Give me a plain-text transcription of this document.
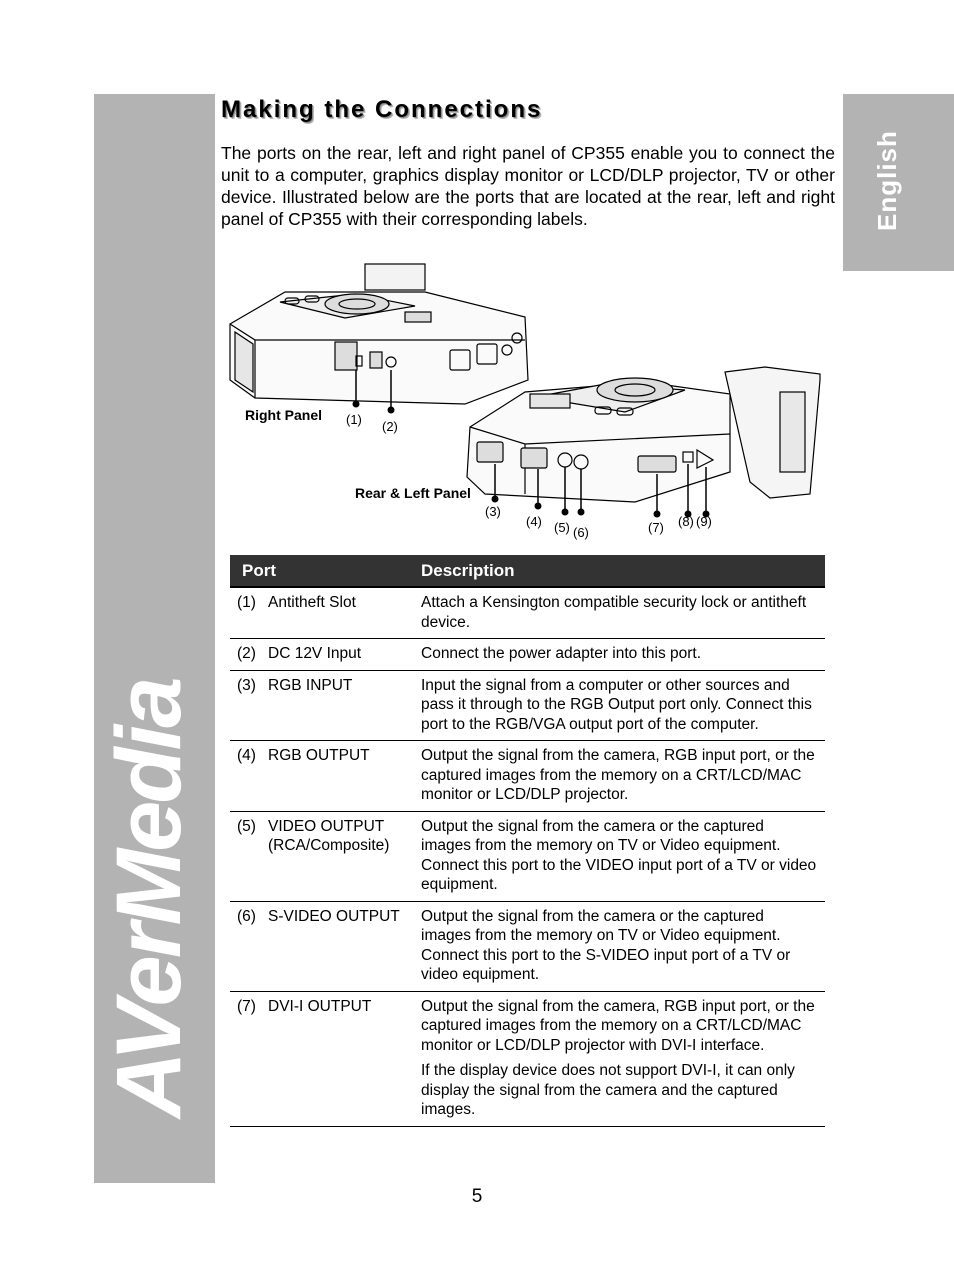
AVerMedia
English
Making the Connections

The ports on the rear, left and right panel of CP355 enable you to connect the unit to a computer, graphics display monitor or LCD/DLP projector, TV or other device. Illustrated below are the ports that are located at the rear, left and right panel of CP355 with their corresponding labels.

Right Panel
Rear & Left Panel
(1) (2)
(3)
(4) (5) (6)	(7) (8) (9)
Port		Description
(1)	Antitheft Slot	Attach a Kensington compatible security lock or antitheft device.

(2)	DC 12V Input	Connect the power adapter into this port.

(3)	RGB INPUT	Input the signal from a computer or other sources and pass it through to the RGB Output port only. Connect this port to the RGB/VGA output port of the computer.

(4)	RGB OUTPUT	Output the signal from the camera, RGB input port, or the captured images from the memory on a CRT/LCD/MAC monitor or LCD/DLP projector.

(5)	VIDEO OUTPUT (RCA/Composite)	Output the signal from the camera or the captured images from the memory on TV or Video equipment. Connect this port to the VIDEO input port of a TV or video equipment.

(6)	S-VIDEO OUTPUT	Output the signal from the camera or the captured images from the memory on TV or Video equipment. Connect this port to the S-VIDEO input port of a TV or video equipment.

(7)	DVI-I OUTPUT	Output the signal from the camera, RGB input port, or the captured images from the memory on a CRT/LCD/MAC monitor or LCD/DLP projector with DVI-I interface.
If the display device does not support DVI-I, it can only display the signal from the camera and the captured images.
5
